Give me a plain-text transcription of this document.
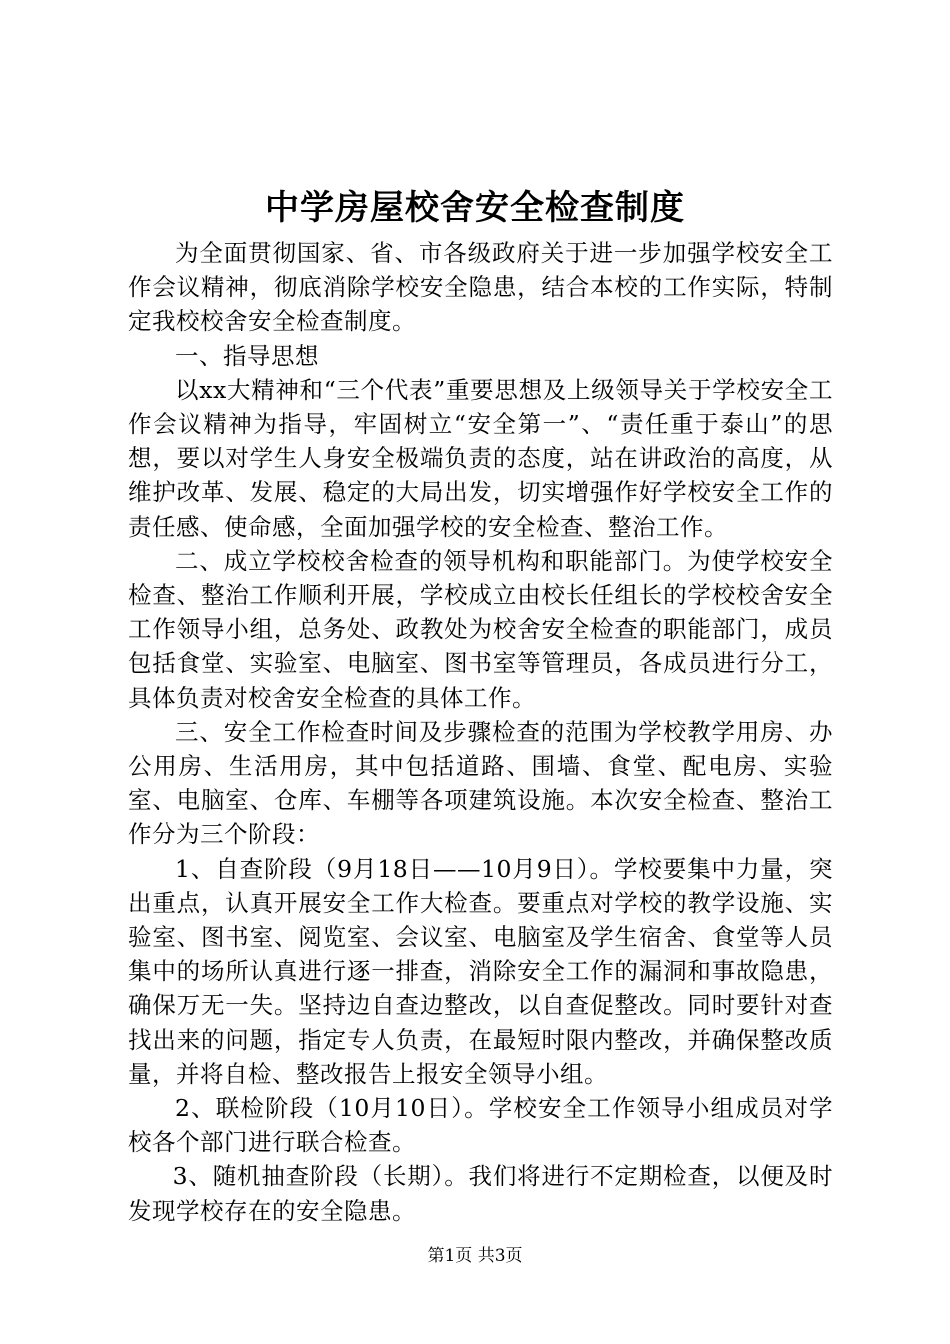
中学房屋校舍安全检查制度

为全面贯彻国家、省、市各级政府关于进一步加强学校安全工作会议精神，彻底消除学校安全隐患，结合本校的工作实际，特制定我校校舍安全检查制度。

一、指导思想

以xx大精神和“三个代表”重要思想及上级领导关于学校安全工作会议精神为指导，牢固树立“安全第一”、“责任重于泰山”的思想，要以对学生人身安全极端负责的态度，站在讲政治的高度，从维护改革、发展、稳定的大局出发，切实增强作好学校安全工作的责任感、使命感，全面加强学校的安全检查、整治工作。

二、成立学校校舍检查的领导机构和职能部门。为使学校安全检查、整治工作顺利开展，学校成立由校长任组长的学校校舍安全工作领导小组，总务处、政教处为校舍安全检查的职能部门，成员包括食堂、实验室、电脑室、图书室等管理员，各成员进行分工，具体负责对校舍安全检查的具体工作。

三、安全工作检查时间及步骤检查的范围为学校教学用房、办公用房、生活用房，其中包括道路、围墙、食堂、配电房、实验室、电脑室、仓库、车棚等各项建筑设施。本次安全检查、整治工作分为三个阶段：

1、自查阶段（9月18日——10月9日）。学校要集中力量，突出重点，认真开展安全工作大检查。要重点对学校的教学设施、实验室、图书室、阅览室、会议室、电脑室及学生宿舍、食堂等人员集中的场所认真进行逐一排查，消除安全工作的漏洞和事故隐患，确保万无一失。坚持边自查边整改，以自查促整改。同时要针对查找出来的问题，指定专人负责，在最短时限内整改，并确保整改质量，并将自检、整改报告上报安全领导小组。

2、联检阶段（10月10日）。学校安全工作领导小组成员对学校各个部门进行联合检查。

3、随机抽查阶段（长期）。我们将进行不定期检查，以便及时发现学校存在的安全隐患。

第1页 共3页
